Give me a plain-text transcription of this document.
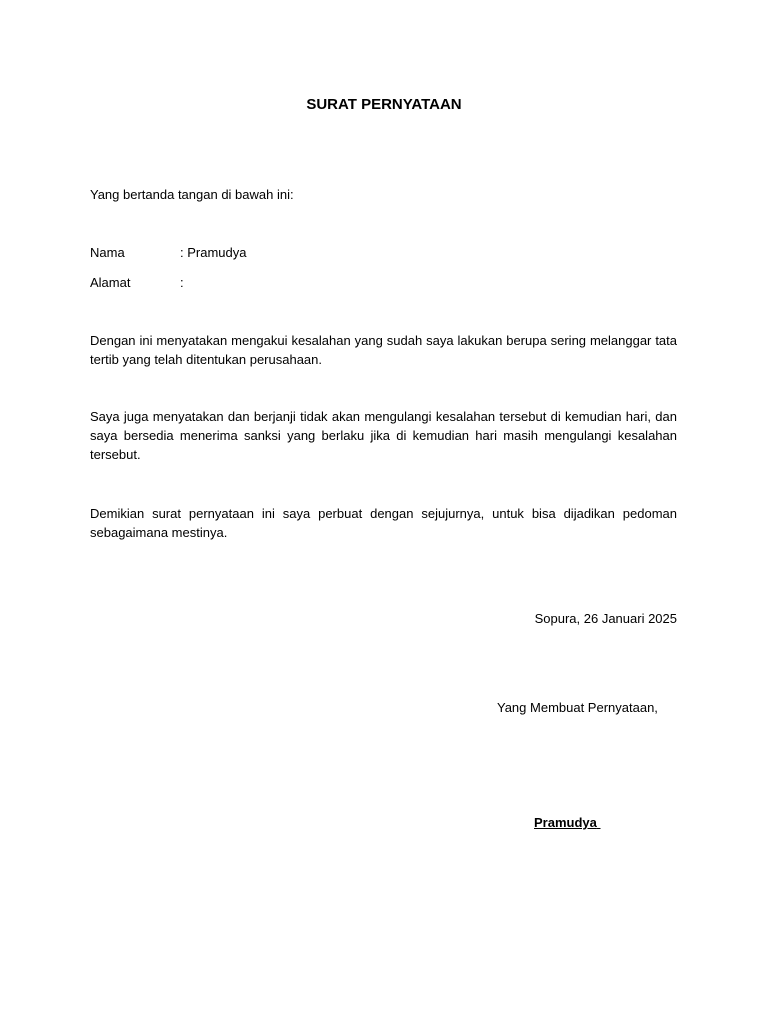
SURAT PERNYATAAN
Yang bertanda tangan di bawah ini:
Nama	: Pramudya
Alamat	:
Dengan ini menyatakan mengakui kesalahan yang sudah saya lakukan berupa sering melanggar tata tertib yang telah ditentukan perusahaan.
Saya juga menyatakan dan berjanji tidak akan mengulangi kesalahan tersebut di kemudian hari, dan saya bersedia menerima sanksi yang berlaku jika di kemudian hari masih mengulangi kesalahan tersebut.
Demikian surat pernyataan ini saya perbuat dengan sejujurnya, untuk bisa dijadikan pedoman sebagaimana mestinya.
Sopura, 26 Januari 2025
Yang Membuat Pernyataan,
Pramudya
